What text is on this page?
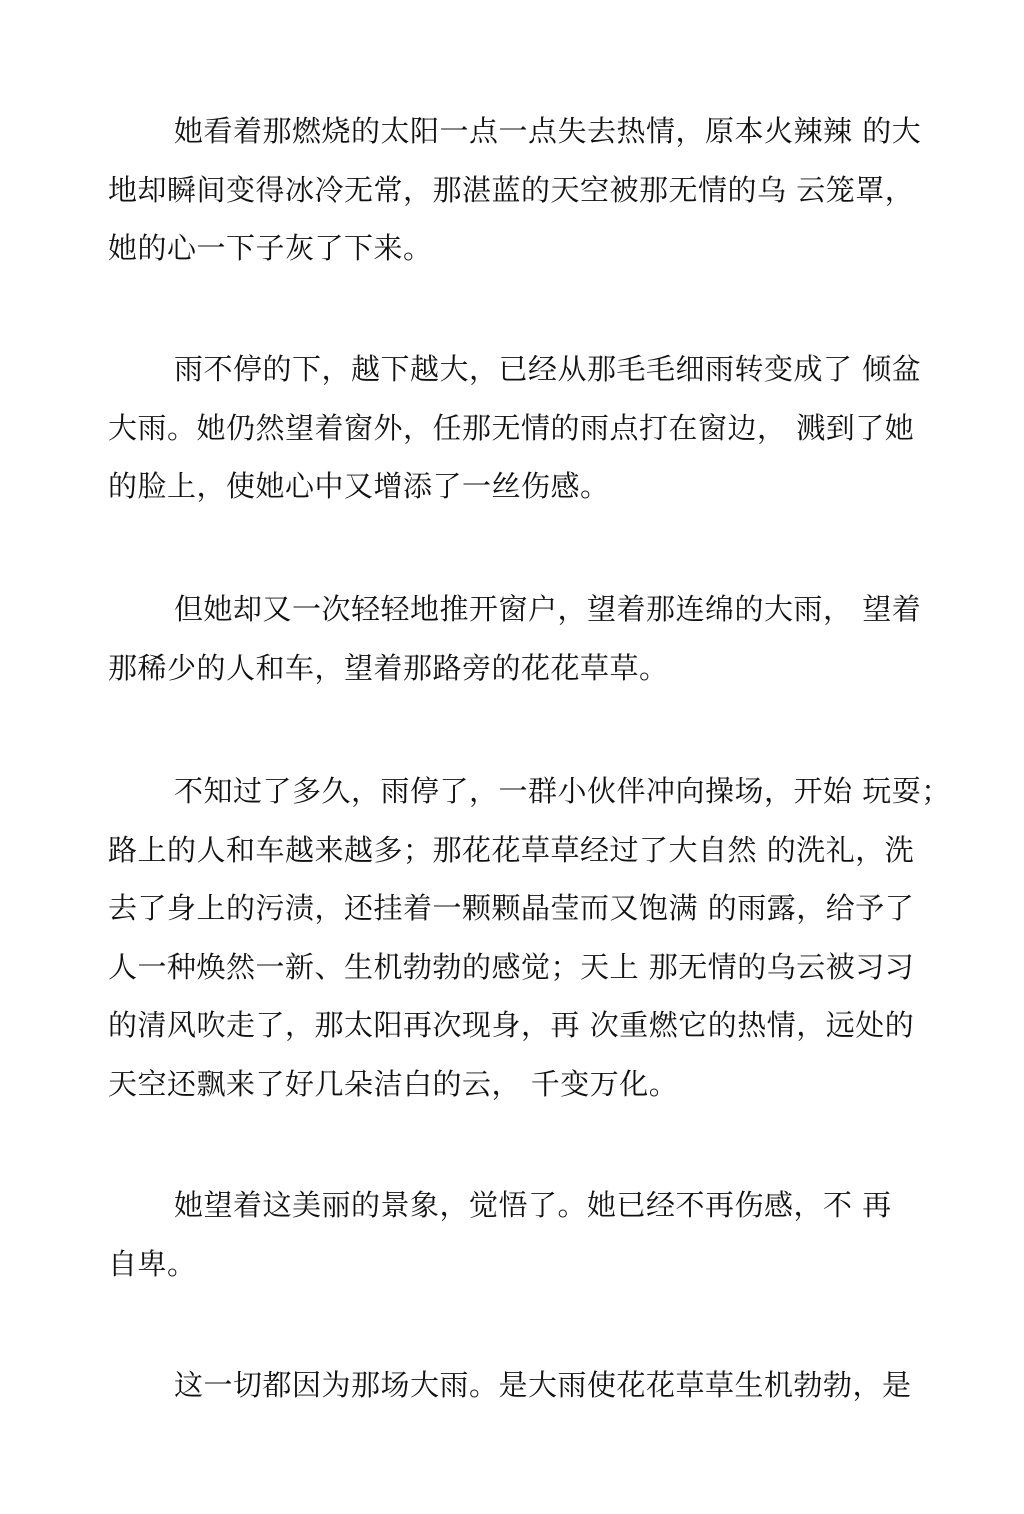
她看着那燃烧的太阳一点一点失去热情，原本火辣辣 的大
地却瞬间变得冰冷无常，那湛蓝的天空被那无情的乌 云笼罩，
她的心一下子灰了下来。
雨不停的下，越下越大，已经从那毛毛细雨转变成了 倾盆
大雨。她仍然望着窗外，任那无情的雨点打在窗边， 溅到了她
的脸上，使她心中又增添了一丝伤感。
但她却又一次轻轻地推开窗户，望着那连绵的大雨， 望着
那稀少的人和车，望着那路旁的花花草草。
不知过了多久，雨停了，一群小伙伴冲向操场，开始 玩耍；
路上的人和车越来越多；那花花草草经过了大自然 的洗礼，洗
去了身上的污渍，还挂着一颗颗晶莹而又饱满 的雨露，给予了
人一种焕然一新、生机勃勃的感觉；天上 那无情的乌云被习习
的清风吹走了，那太阳再次现身，再 次重燃它的热情，远处的
天空还飘来了好几朵洁白的云， 千变万化。
她望着这美丽的景象，觉悟了。她已经不再伤感，不 再
自卑。
这一切都因为那场大雨。是大雨使花花草草生机勃勃，是
